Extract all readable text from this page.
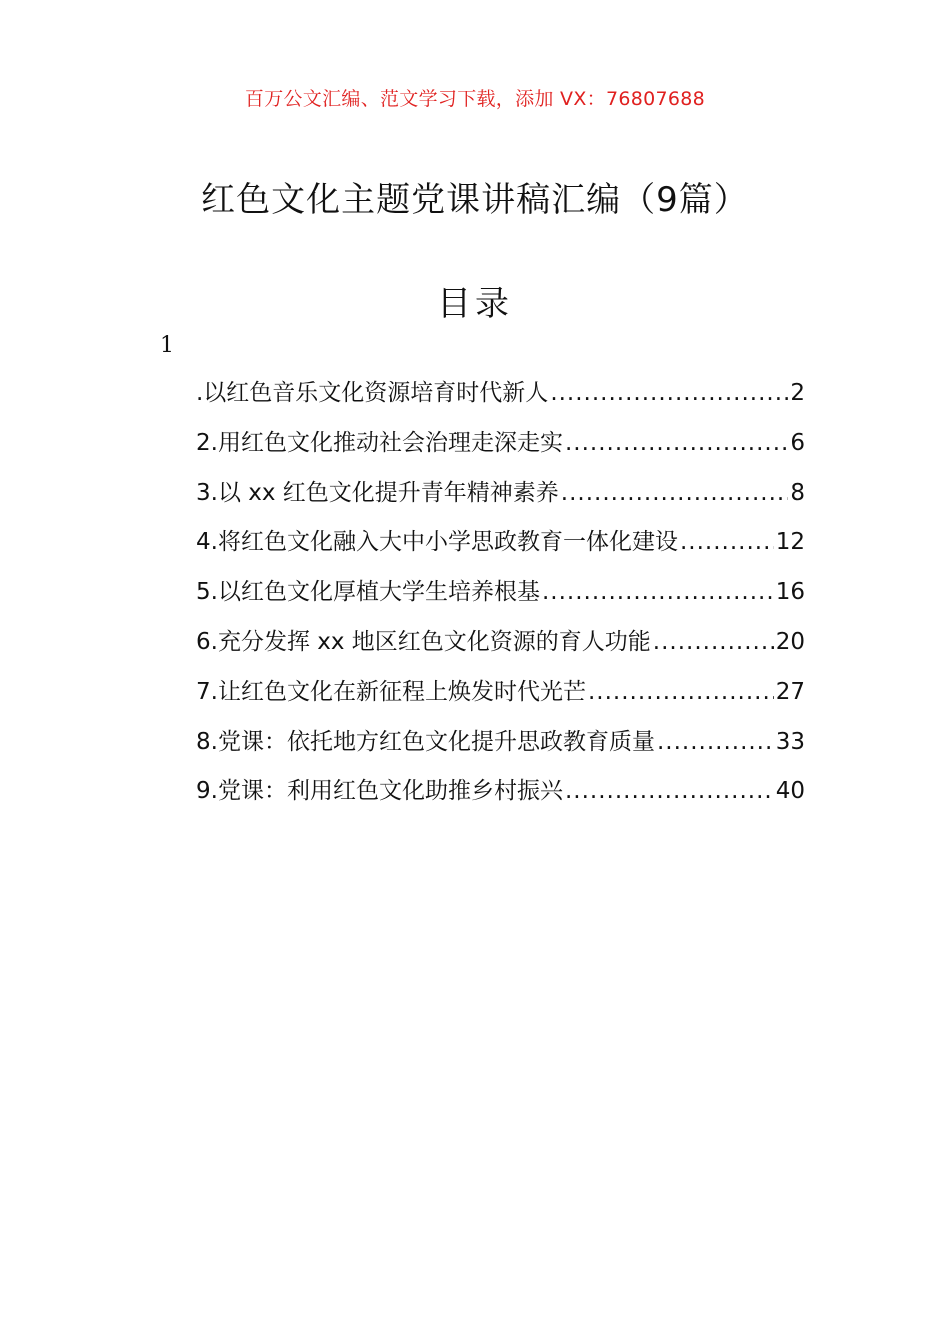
百万公文汇编、范文学习下载，添加 VX：76807688
红色文化主题党课讲稿汇编（9篇）
目录
1
.以红色音乐文化资源培育时代新人 .....	2
2.用红色文化推动社会治理走深走实 .....	6
3.以 xx 红色文化提升青年精神素养 .....	8
4.将红色文化融入大中小学思政教育一体化建设 .....	12
5.以红色文化厚植大学生培养根基 .....	16
6.充分发挥 xx 地区红色文化资源的育人功能 .....	20
7.让红色文化在新征程上焕发时代光芒 .....	27
8.党课：依托地方红色文化提升思政教育质量 .....	33
9.党课：利用红色文化助推乡村振兴 .....	40
